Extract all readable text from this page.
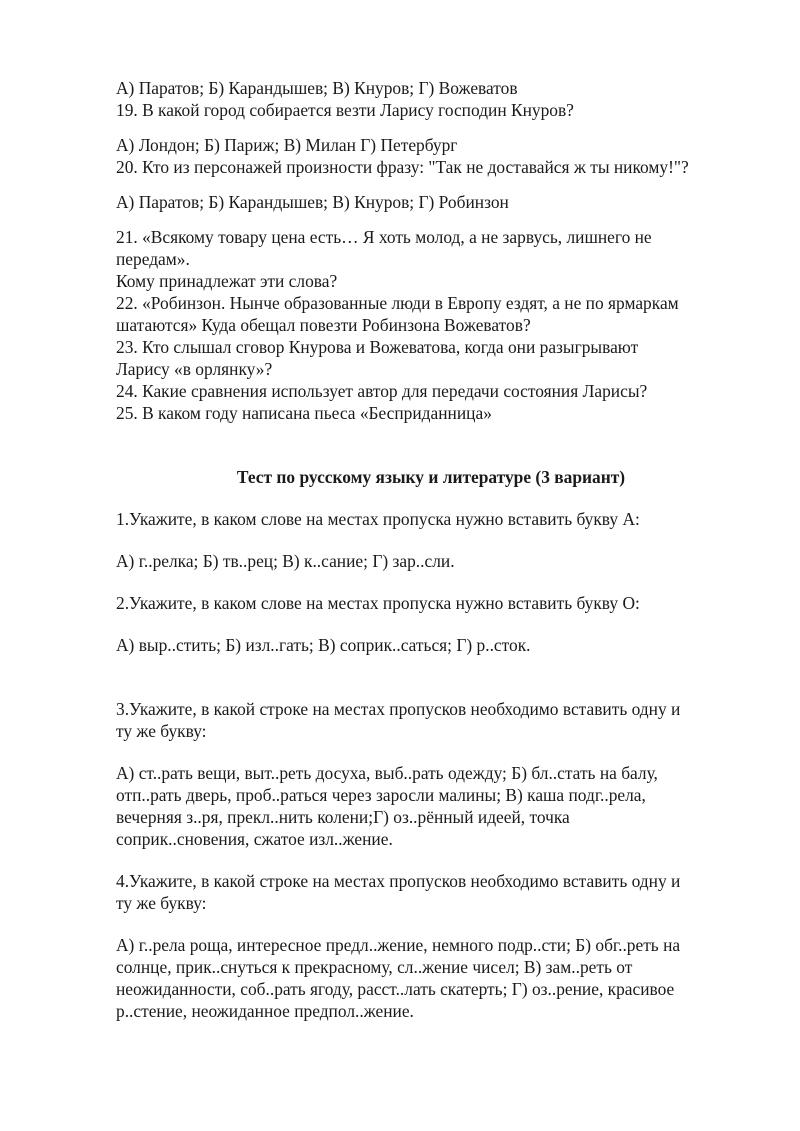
А) Паратов; Б) Карандышев; В) Кнуров; Г) Вожеватов
19. В какой город собирается везти Ларису господин Кнуров?
А) Лондон; Б) Париж; В) Милан Г) Петербург
20. Кто из персонажей произности фразу: "Так не доставайся ж ты никому!"?
А) Паратов; Б) Карандышев; В) Кнуров; Г) Робинзон
21. «Всякому товару цена есть… Я хоть молод, а не зарвусь, лишнего не
передам».
Кому принадлежат эти слова?
22. «Робинзон. Нынче образованные люди в Европу ездят, а не по ярмаркам
шатаются» Куда обещал повезти Робинзона Вожеватов?
23. Кто слышал сговор Кнурова и Вожеватова, когда они разыгрывают
Ларису «в орлянку»?
24. Какие сравнения использует автор для передачи состояния Ларисы?
25. В каком году написана пьеса «Бесприданница»
Тест по русскому языку и литературе (3 вариант)
1.Укажите, в каком слове на местах пропуска нужно вставить букву А:
А) г..релка; Б) тв..рец; В) к..сание; Г) зар..сли.
2.Укажите, в каком слове на местах пропуска нужно вставить букву О:
А) выр..стить; Б) изл..гать; В) соприк..саться; Г) р..сток.
3.Укажите, в какой строке на местах пропусков необходимо вставить одну и
ту же букву:
А) ст..рать вещи, выт..реть досуха, выб..рать одежду; Б) бл..стать на балу,
отп..рать дверь, проб..раться через заросли малины; В) каша подг..рела,
вечерняя з..ря, прекл..нить колени;Г) оз..рённый идеей, точка
соприк..сновения, сжатое изл..жение.
4.Укажите, в какой строке на местах пропусков необходимо вставить одну и
ту же букву:
А) г..рела роща, интересное предл..жение, немного подр..сти; Б) обг..реть на
солнце, прик..снуться к прекрасному, сл..жение чисел; В) зам..реть от
неожиданности, соб..рать ягоду, расст..лать скатерть; Г) оз..рение, красивое
р..стение, неожиданное предпол..жение.
